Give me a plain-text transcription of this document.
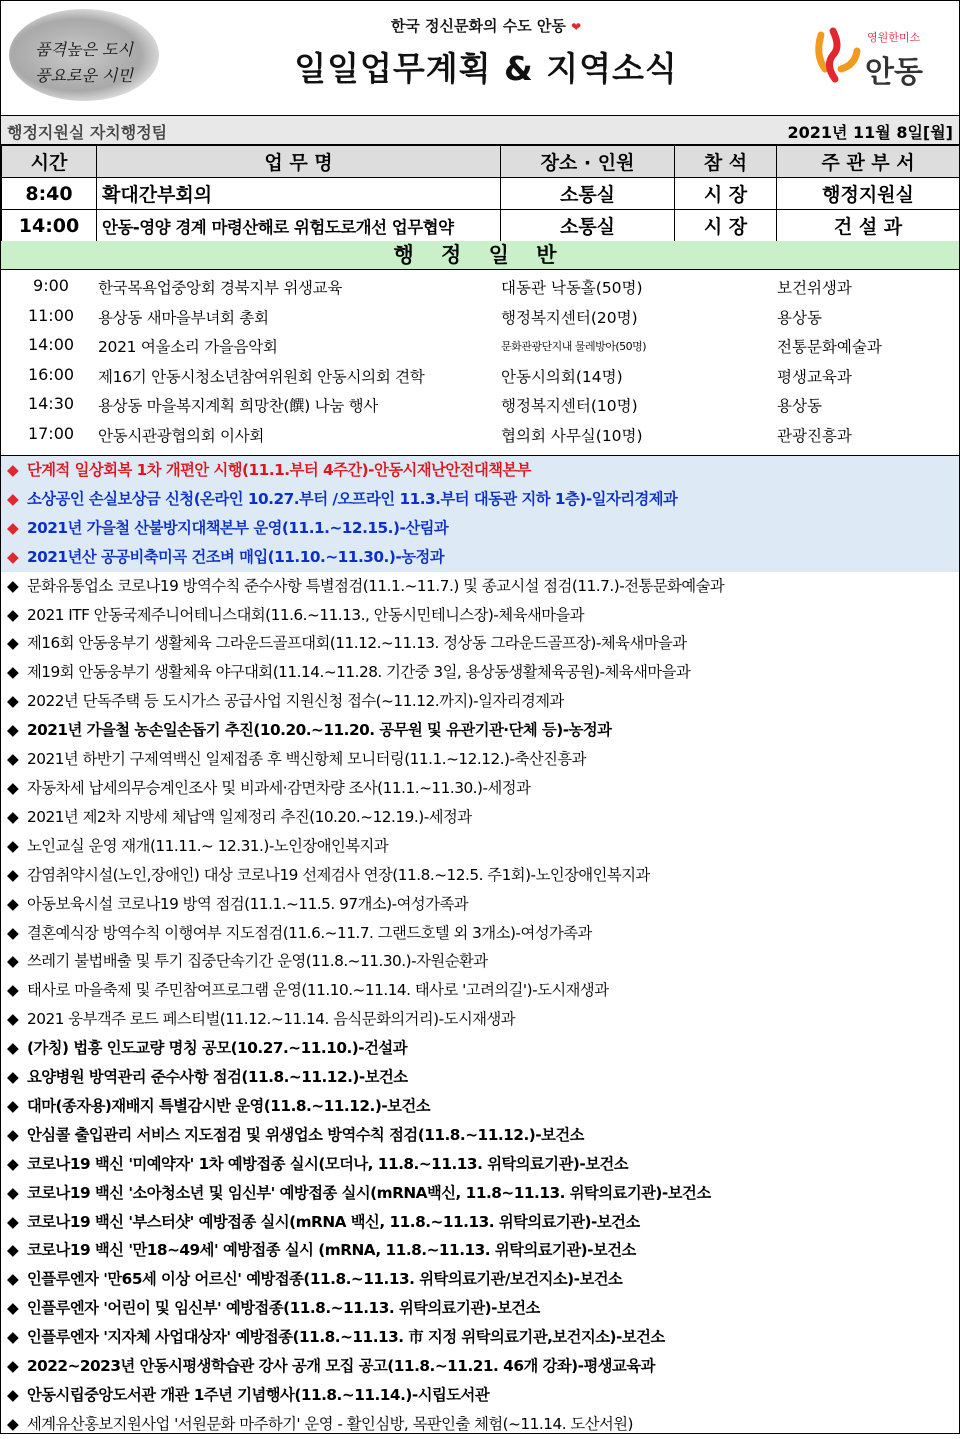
품격높은 도시
풍요로운 시민
한국 정신문화의 수도 안동 ❤
일일업무계획 & 지역소식
영원한미소
안동
행정지원실 자치행정팀	2021년 11월 8일[월]
시간	업 무 명	장소 · 인원	참 석	주 관 부 서
8:40	확대간부회의	소통실	시 장	행정지원실
14:00	안동-영양 경계 마령산해로 위험도로개선 업무협약	소통실	시 장	건 설 과
행 정 일 반
9:00	한국목욕업중앙회 경북지부 위생교육	대동관 낙동홀(50명)	보건위생과
11:00 용상동 새마을부녀회 총회	행정복지센터(20명)	용상동
14:00 2021 여울소리 가을음악회	문화관광단지내 물레방아(50명)	전통문화예술과
16:00 제16기 안동시청소년참여위원회 안동시의회 견학	안동시의회(14명)	평생교육과
14:30 용상동 마을복지계획 희망찬(饌) 나눔 행사	행정복지센터(10명)	용상동
17:00 안동시관광협의회 이사회	협의회 사무실(10명)	관광진흥과
◆ 단계적 일상회복 1차 개편안 시행(11.1.부터 4주간)-안동시재난안전대책본부
◆ 소상공인 손실보상금 신청(온라인 10.27.부터 /오프라인 11.3.부터 대동관 지하 1층)-일자리경제과
◆ 2021년 가을철 산불방지대책본부 운영(11.1.~12.15.)-산림과
◆ 2021년산 공공비축미곡 건조벼 매입(11.10.~11.30.)-농정과
◆ 문화유통업소 코로나19 방역수칙 준수사항 특별점검(11.1.~11.7.) 및 종교시설 점검(11.7.)-전통문화예술과
◆ 2021 ITF 안동국제주니어테니스대회(11.6.~11.13., 안동시민테니스장)-체육새마을과
◆ 제16회 안동웅부기 생활체육 그라운드골프대회(11.12.~11.13. 정상동 그라운드골프장)-체육새마을과
◆ 제19회 안동웅부기 생활체육 야구대회(11.14.~11.28. 기간중 3일, 용상동생활체육공원)-체육새마을과
◆ 2022년 단독주택 등 도시가스 공급사업 지원신청 접수(~11.12.까지)-일자리경제과
◆ 2021년 가을철 농손일손돕기 추진(10.20.~11.20. 공무원 및 유관기관·단체 등)-농정과
◆ 2021년 하반기 구제역백신 일제접종 후 백신항체 모니터링(11.1.~12.12.)-축산진흥과
◆ 자동차세 납세의무승계인조사 및 비과세·감면차량 조사(11.1.~11.30.)-세정과
◆ 2021년 제2차 지방세 체납액 일제정리 추진(10.20.~12.19.)-세정과
◆ 노인교실 운영 재개(11.11.~ 12.31.)-노인장애인복지과
◆ 감염취약시설(노인,장애인) 대상 코로나19 선제검사 연장(11.8.~12.5. 주1회)-노인장애인복지과
◆ 아동보육시설 코로나19 방역 점검(11.1.~11.5. 97개소)-여성가족과
◆ 결혼예식장 방역수칙 이행여부 지도점검(11.6.~11.7. 그랜드호텔 외 3개소)-여성가족과
◆ 쓰레기 불법배출 및 투기 집중단속기간 운영(11.8.~11.30.)-자원순환과
◆ 태사로 마을축제 및 주민참여프로그램 운영(11.10.~11.14. 태사로 '고려의길')-도시재생과
◆ 2021 웅부객주 로드 페스티벌(11.12.~11.14. 음식문화의거리)-도시재생과
◆ (가칭) 법흥 인도교량 명칭 공모(10.27.~11.10.)-건설과
◆ 요양병원 방역관리 준수사항 점검(11.8.~11.12.)-보건소
◆ 대마(종자용)재배지 특별감시반 운영(11.8.~11.12.)-보건소
◆ 안심콜 출입관리 서비스 지도점검 및 위생업소 방역수칙 점검(11.8.~11.12.)-보건소
◆ 코로나19 백신 '미예약자' 1차 예방접종 실시(모더나, 11.8.~11.13. 위탁의료기관)-보건소
◆ 코로나19 백신 '소아청소년 및 임신부' 예방접종 실시(mRNA백신, 11.8~11.13. 위탁의료기관)-보건소
◆ 코로나19 백신 '부스터샷' 예방접종 실시(mRNA 백신, 11.8.~11.13. 위탁의료기관)-보건소
◆ 코로나19 백신 '만18~49세' 예방접종 실시 (mRNA, 11.8.~11.13. 위탁의료기관)-보건소
◆ 인플루엔자 '만65세 이상 어르신' 예방접종(11.8.~11.13. 위탁의료기관/보건지소)-보건소
◆ 인플루엔자 '어린이 및 임신부' 예방접종(11.8.~11.13. 위탁의료기관)-보건소
◆ 인플루엔자 '지자체 사업대상자' 예방접종(11.8.~11.13. 市 지정 위탁의료기관,보건지소)-보건소
◆ 2022~2023년 안동시평생학습관 강사 공개 모집 공고(11.8.~11.21. 46개 강좌)-평생교육과
◆ 안동시립중앙도서관 개관 1주년 기념행사(11.8.~11.14.)-시립도서관
◆ 세계유산홍보지원사업 '서원문화 마주하기' 운영 - 활인심방, 목판인출 체험(~11.14. 도산서원)
